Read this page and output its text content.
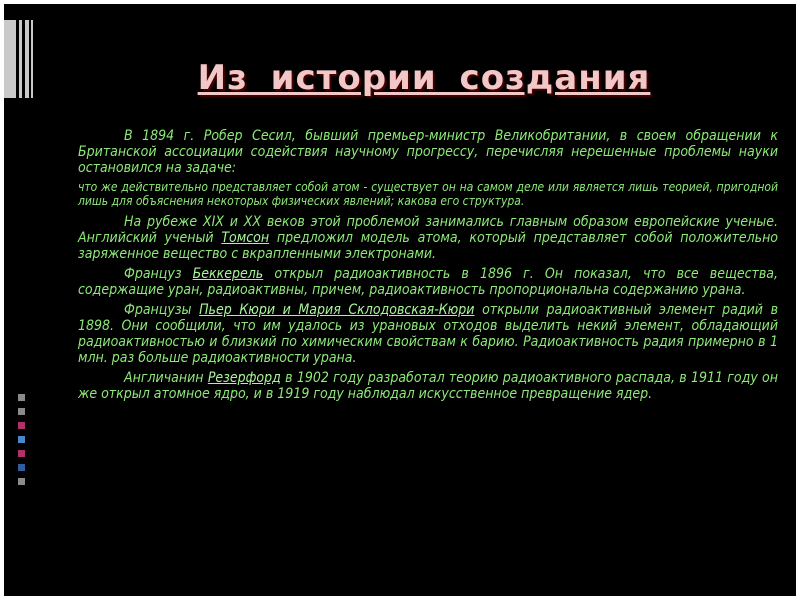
Из истории создания

В 1894 г. Робер Сесил, бывший премьер-министр Великобритании, в своем обращении к Британской ассоциации содействия научному прогрессу, перечисляя нерешенные проблемы науки остановился на задаче:

что же действительно представляет собой атом - существует он на самом деле или является лишь теорией, пригодной лишь для объяснения некоторых физических явлений; какова его структура.

На рубеже XIX и XX веков этой проблемой занимались главным образом европейские ученые. Английский ученый Томсон предложил модель атома, который представляет собой положительно заряженное вещество с вкрапленными электронами.

Француз Беккерель открыл радиоактивность в 1896 г. Он показал, что все вещества, содержащие уран, радиоактивны, причем, радиоактивность пропорциональна содержанию урана.

Французы Пьер Кюри и Мария Склодовская-Кюри открыли радиоактивный элемент радий в 1898. Они сообщили, что им удалось из урановых отходов выделить некий элемент, обладающий радиоактивностью и близкий по химическим свойствам к барию. Радиоактивность радия примерно в 1 млн. раз больше радиоактивности урана.

Англичанин Резерфорд в 1902 году разработал теорию радиоактивного распада, в 1911 году он же открыл атомное ядро, и в 1919 году наблюдал искусственное превращение ядер.
